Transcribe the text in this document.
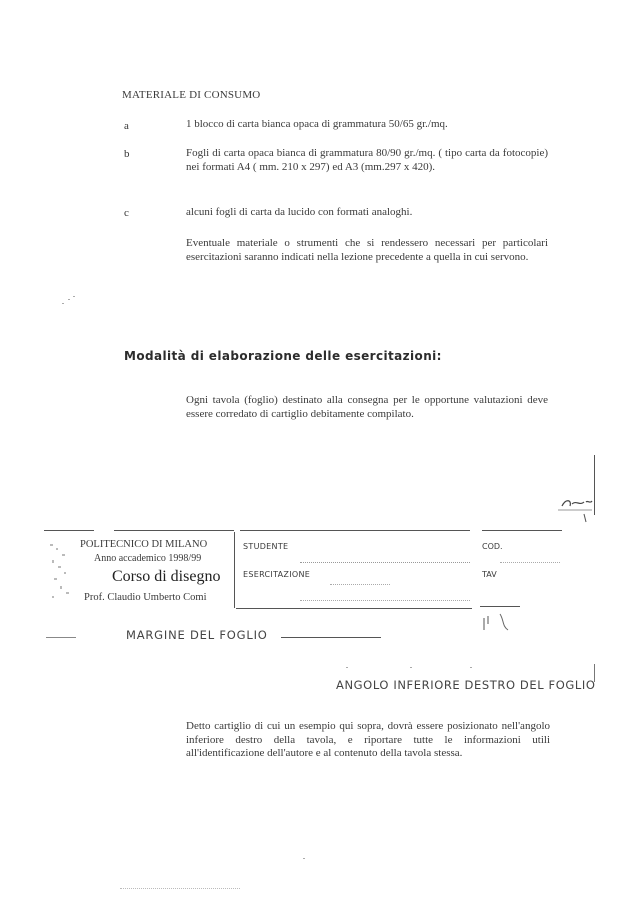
MATERIALE DI CONSUMO
a	1 blocco di carta bianca opaca di grammatura 50/65 gr./mq.
b	Fogli di carta opaca bianca di grammatura 80/90 gr./mq. ( tipo carta da fotocopie) nei formati A4 ( mm. 210 x 297) ed A3 (mm.297 x 420).
c	alcuni fogli di carta da lucido con formati analoghi.
Eventuale materiale o strumenti che si rendessero necessari per particolari esercitazioni saranno indicati nella lezione precedente a quella in cui servono.
Modalità di elaborazione delle esercitazioni:
Ogni tavola (foglio) destinato alla consegna per le opportune valutazioni deve essere corredato di cartiglio debitamente compilato.
POLITECNICO DI MILANO
Anno accademico 1998/99
Corso di disegno
Prof. Claudio Umberto Comi
STUDENTE
ESERCITAZIONE
COD.
TAV
MARGINE DEL FOGLIO
ANGOLO INFERIORE DESTRO DEL FOGLIO
Detto cartiglio di cui un esempio qui sopra, dovrà essere posizionato nell'angolo inferiore destro della tavola, e riportare tutte le informazioni utili all'identificazione dell'autore e al contenuto della tavola stessa.
